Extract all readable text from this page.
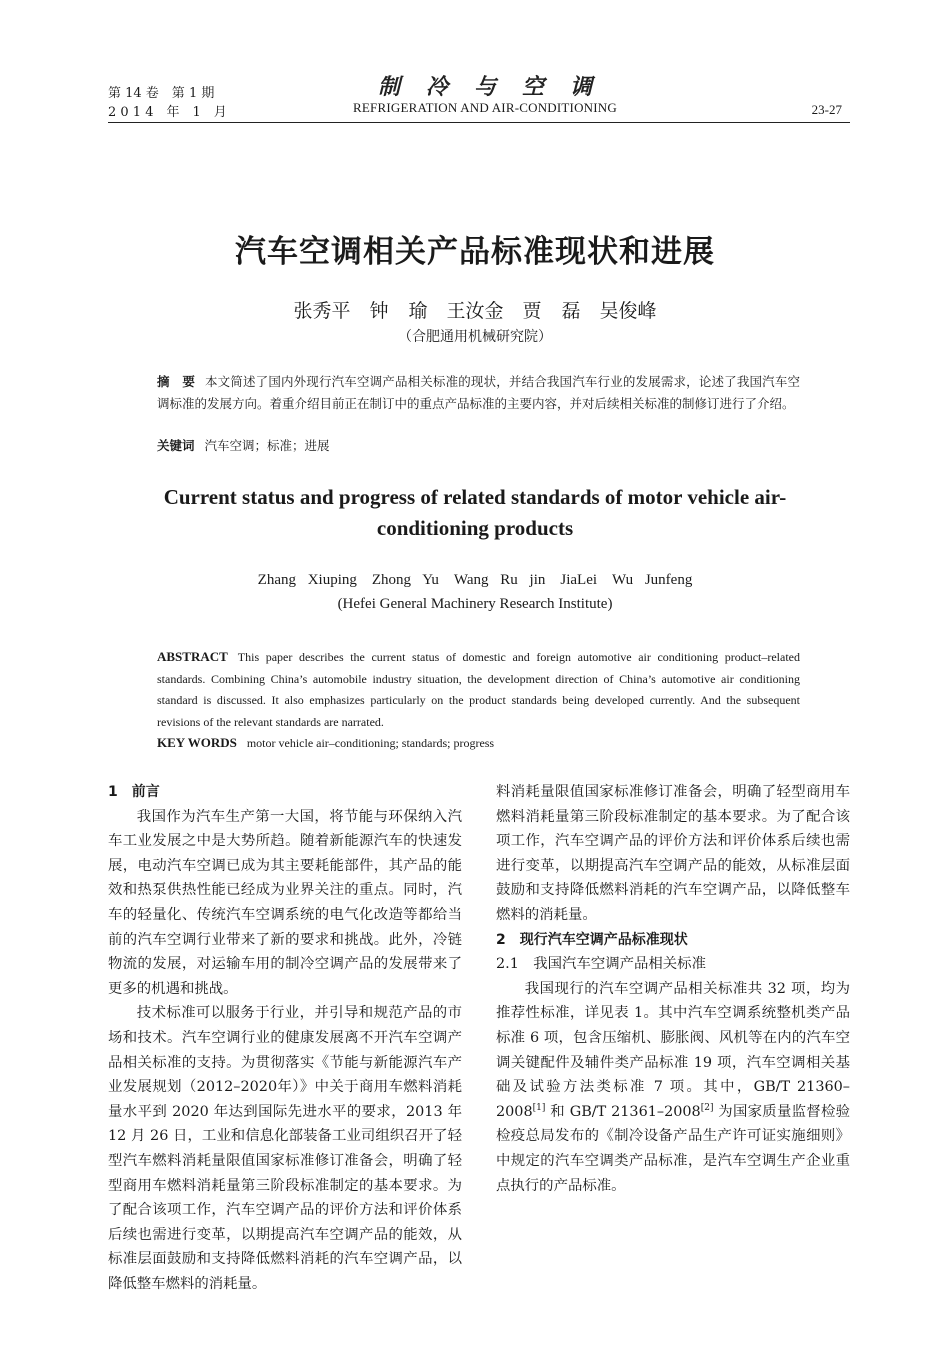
第 14 卷　第 1 期
2 0 1 4　年　1　月
制冷与空调
REFRIGERATION AND AIR-CONDITIONING	23-27
汽车空调相关产品标准现状和进展
张秀平　钟 瑜　王汝金　贾 磊　吴俊峰
（合肥通用机械研究院）
摘　要 本文简述了国内外现行汽车空调产品相关标准的现状，并结合我国汽车行业的发展需求，论述了我国汽车空调标准的发展方向。着重介绍目前正在制订中的重点产品标准的主要内容，并对后续相关标准的制修订进行了介绍。
关键词 汽车空调；标准；进展
Current status and progress of related standards of motor vehicle air-conditioning products
Zhang Xiuping　Zhong Yu　Wang Ru jin　JiaLei　Wu Junfeng
(Hefei General Machinery Research Institute)
ABSTRACT This paper describes the current status of domestic and foreign automotive air conditioning product–related standards. Combining China’s automobile industry situation, the development direction of China’s automotive air conditioning standard is discussed. It also emphasizes particularly on the product standards being developed currently. And the subsequent revisions of the relevant standards are narrated.
KEY WORDS motor vehicle air–conditioning; standards; progress

1　前言

我国作为汽车生产第一大国，将节能与环保纳入汽车工业发展之中是大势所趋。随着新能源汽车的快速发展，电动汽车空调已成为其主要耗能部件，其产品的能效和热泵供热性能已经成为业界关注的重点。同时，汽车的轻量化、传统汽车空调系统的电气化改造等都给当前的汽车空调行业带来了新的要求和挑战。此外，冷链物流的发展，对运输车用的制冷空调产品的发展带来了更多的机遇和挑战。

技术标准可以服务于行业，并引导和规范产品的市场和技术。汽车空调行业的健康发展离不开汽车空调产品相关标准的支持。为贯彻落实《节能与新能源汽车产业发展规划（2012–2020年）》中关于商用车燃料消耗量水平到 2020 年达到国际先进水平的要求，2013 年 12 月 26 日，工业和信息化部装备工业司组织召开了轻型汽车燃料消耗量限值国家标准修订准备会，明确了轻型商用车燃料消耗量第三阶段标准制定的基本要求。为了配合该项工作，汽车空调产品的评价方法和评价体系后续也需进行变革，以期提高汽车空调产品的能效，从标准层面鼓励和支持降低燃料消耗的汽车空调产品，以降低整车燃料的消耗量。

料消耗量限值国家标准修订准备会，明确了轻型商用车燃料消耗量第三阶段标准制定的基本要求。为了配合该项工作，汽车空调产品的评价方法和评价体系后续也需进行变革，以期提高汽车空调产品的能效，从标准层面鼓励和支持降低燃料消耗的汽车空调产品，以降低整车燃料的消耗量。

2　现行汽车空调产品标准现状

2.1　我国汽车空调产品相关标准

我国现行的汽车空调产品相关标准共 32 项，均为推荐性标准，详见表 1。其中汽车空调系统整机类产品标准 6 项，包含压缩机、膨胀阀、风机等在内的汽车空调关键配件及辅件类产品标准 19 项，汽车空调相关基础及试验方法类标准 7 项。其中，GB/T 21360–2008[1] 和 GB/T 21361–2008[2] 为国家质量监督检验检疫总局发布的《制冷设备产品生产许可证实施细则》中规定的汽车空调类产品标准，是汽车空调生产企业重点执行的产品标准。
